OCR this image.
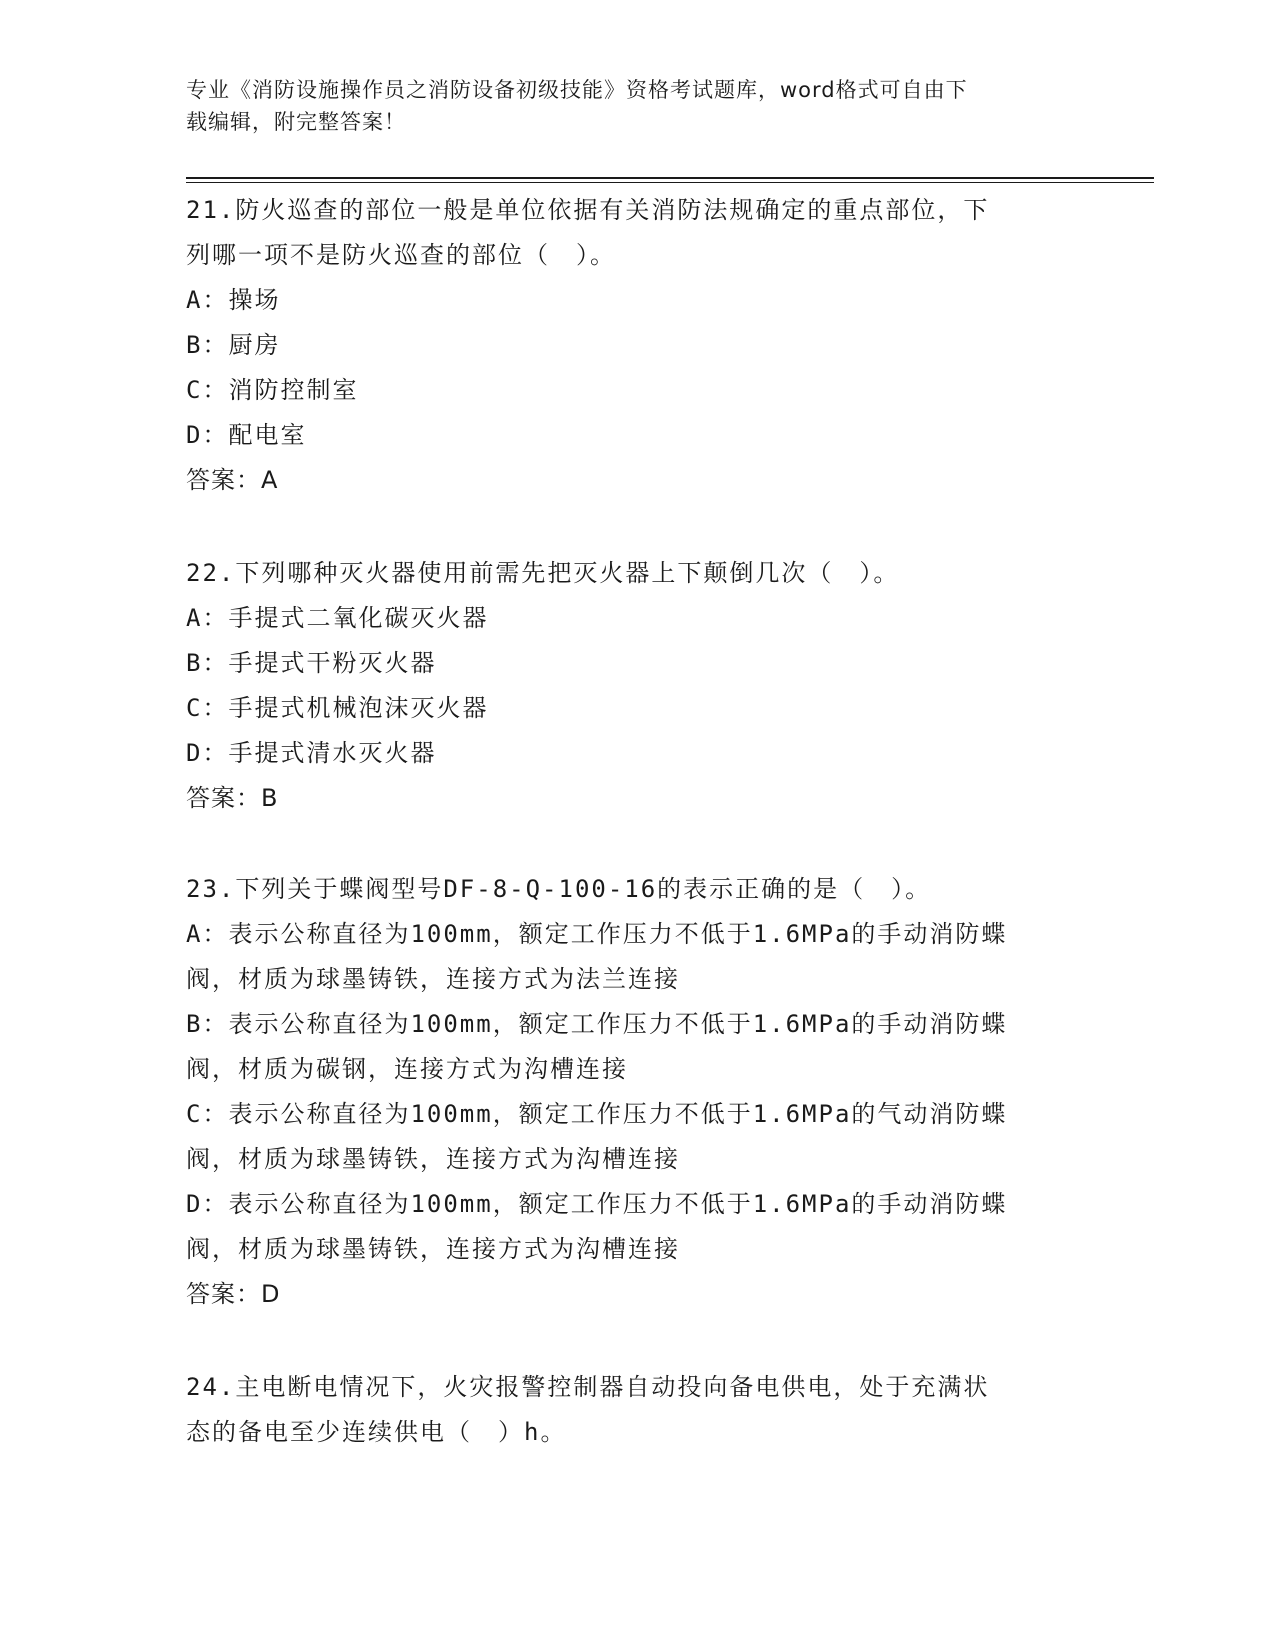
专业《消防设施操作员之消防设备初级技能》资格考试题库，word格式可自由下
载编辑，附完整答案！
21.防火巡查的部位一般是单位依据有关消防法规确定的重点部位，下
列哪一项不是防火巡查的部位（　）。
A：操场
B：厨房
C：消防控制室
D：配电室
答案：A
22.下列哪种灭火器使用前需先把灭火器上下颠倒几次（　）。
A：手提式二氧化碳灭火器
B：手提式干粉灭火器
C：手提式机械泡沫灭火器
D：手提式清水灭火器
答案：B
23.下列关于蝶阀型号DF-8-Q-100-16的表示正确的是（　）。
A：表示公称直径为100mm，额定工作压力不低于1.6MPa的手动消防蝶
阀，材质为球墨铸铁，连接方式为法兰连接
B：表示公称直径为100mm，额定工作压力不低于1.6MPa的手动消防蝶
阀，材质为碳钢，连接方式为沟槽连接
C：表示公称直径为100mm，额定工作压力不低于1.6MPa的气动消防蝶
阀，材质为球墨铸铁，连接方式为沟槽连接
D：表示公称直径为100mm，额定工作压力不低于1.6MPa的手动消防蝶
阀，材质为球墨铸铁，连接方式为沟槽连接
答案：D
24.主电断电情况下，火灾报警控制器自动投向备电供电，处于充满状
态的备电至少连续供电（　）h。
